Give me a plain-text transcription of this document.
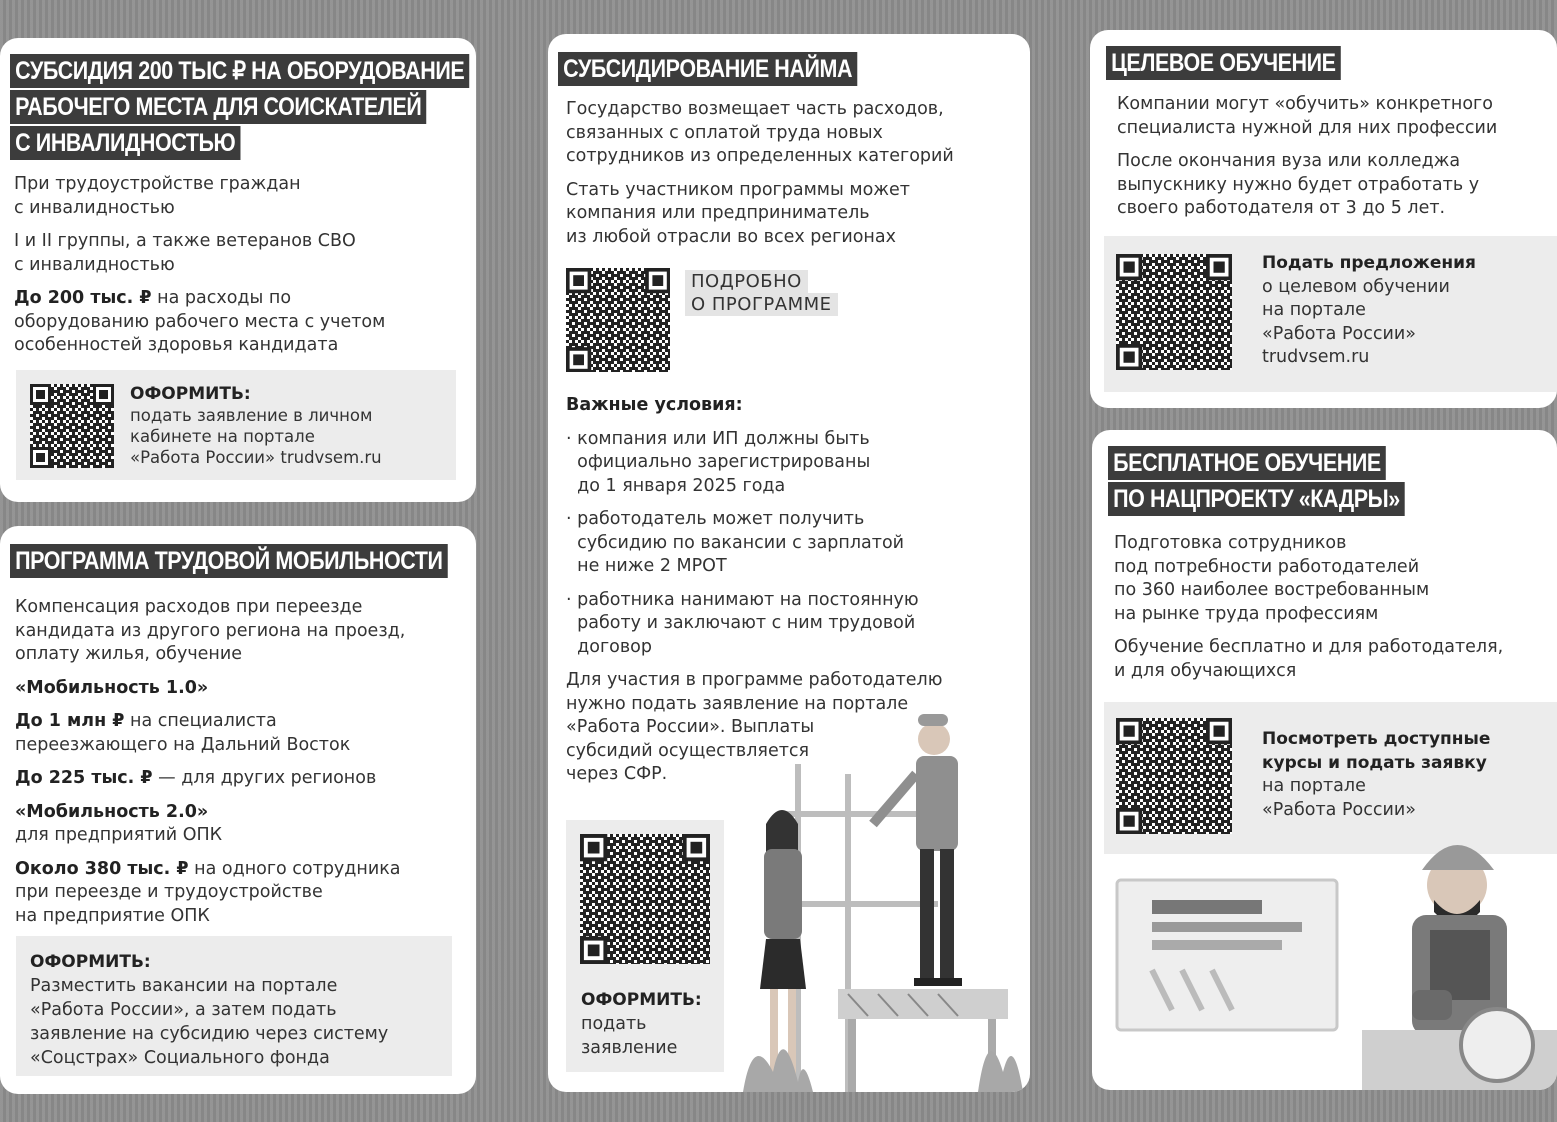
СУБСИДИЯ 200 ТЫС ₽ НА ОБОРУДОВАНИЕ
РАБОЧЕГО МЕСТА ДЛЯ СОИСКАТЕЛЕЙ
С ИНВАЛИДНОСТЬЮ

При трудоустройстве граждан
с инвалидностью

I и II группы, а также ветеранов СВО
с инвалидностью

До 200 тыс. ₽ на расходы по
оборудованию рабочего места с учетом
особенностей здоровья кандидата

ОФОРМИТЬ:
подать заявление в личном
кабинете на портале
«Работа России» trudvsem.ru
ПРОГРАММА ТРУДОВОЙ МОБИЛЬНОСТИ

Компенсация расходов при переезде
кандидата из другого региона на проезд,
оплату жилья, обучение

«Мобильность 1.0»

До 1 млн ₽ на специалиста
переезжающего на Дальний Восток

До 225 тыс. ₽ — для других регионов

«Мобильность 2.0»
для предприятий ОПК

Около 380 тыс. ₽ на одного сотрудника
при переезде и трудоустройстве
на предприятие ОПК

ОФОРМИТЬ:
Разместить вакансии на портале
«Работа России», а затем подать
заявление на субсидию через систему
«Соцстрах» Социального фонда
СУБСИДИРОВАНИЕ НАЙМА

Государство возмещает часть расходов,
связанных с оплатой труда новых
сотрудников из определенных категорий

Стать участником программы может
компания или предприниматель
из любой отрасли во всех регионах

ПОДРОБНО
О ПРОГРАММЕ

Важные условия:

· компания или ИП должны быть
официально зарегистрированы
до 1 января 2025 года

· работодатель может получить
субсидию по вакансии с зарплатой
не ниже 2 МРОТ

· работника нанимают на постоянную
работу и заключают с ним трудовой
договор

Для участия в программе работодателю
нужно подать заявление на портале
«Работа России». Выплаты
субсидий осуществляется
через СФР.

ОФОРМИТЬ:
подать
заявление
ЦЕЛЕВОЕ ОБУЧЕНИЕ

Компании могут «обучить» конкретного
специалиста нужной для них профессии

После окончания вуза или колледжа
выпускнику нужно будет отработать у
своего работодателя от 3 до 5 лет.

Подать предложения
о целевом обучении
на портале
«Работа России»
trudvsem.ru
БЕСПЛАТНОЕ ОБУЧЕНИЕ
ПО НАЦПРОЕКТУ «КАДРЫ»

Подготовка сотрудников
под потребности работодателей
по 360 наиболее востребованным
на рынке труда профессиям

Обучение бесплатно и для работодателя,
и для обучающихся

Посмотреть доступные
курсы и подать заявку
на портале
«Работа России»
